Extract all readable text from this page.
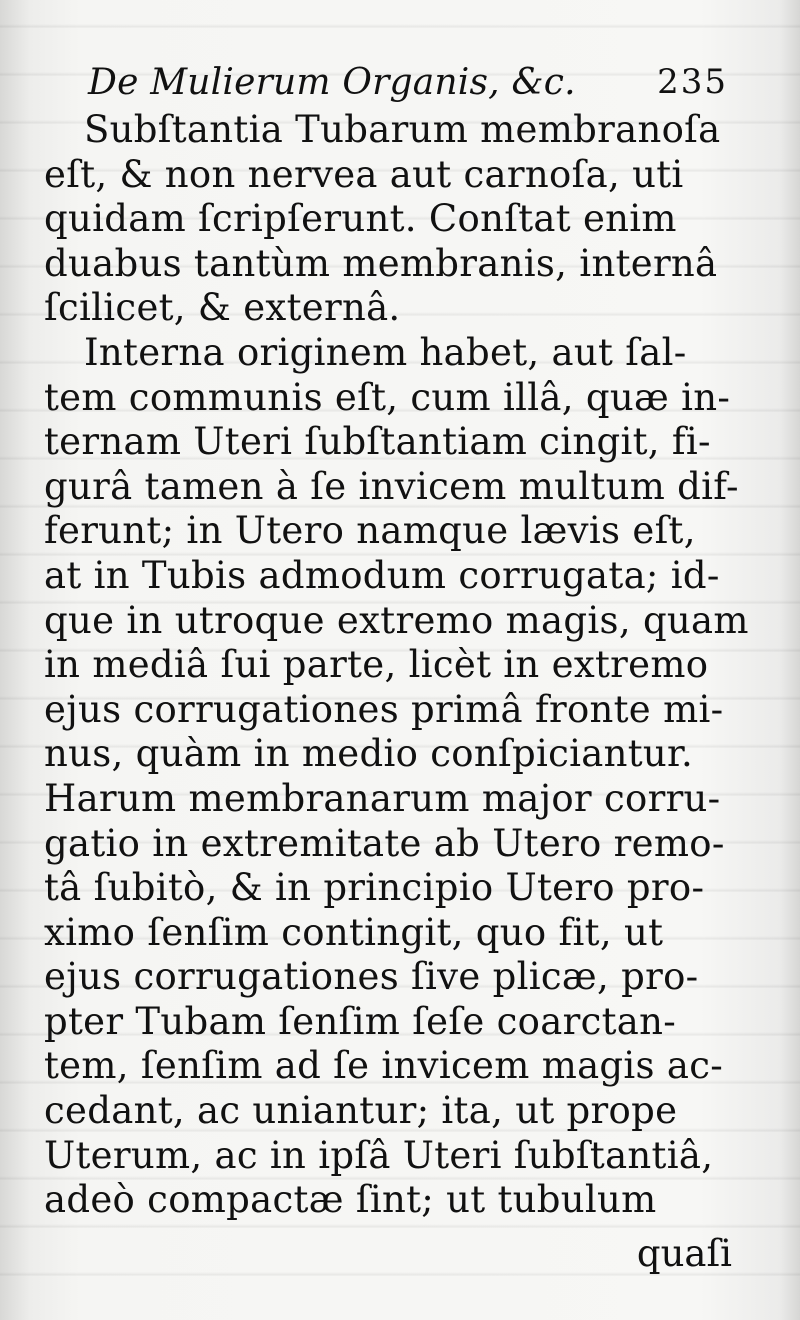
De Mulierum Organis, &c. 235
Subſtantia Tubarum membranoſa
eſt, & non nervea aut carnoſa, uti
quidam ſcripſerunt. Conſtat enim
duabus tantùm membranis, internâ
ſcilicet, & externâ.
Interna originem habet, aut ſal-
tem communis eſt, cum illâ, quæ in-
ternam Uteri ſubſtantiam cingit, fi-
gurâ tamen à ſe invicem multum dif-
ferunt; in Utero namque lævis eſt,
at in Tubis admodum corrugata; id-
que in utroque extremo magis, quam
in mediâ ſui parte, licèt in extremo
ejus corrugationes primâ fronte mi-
nus, quàm in medio conſpiciantur.
Harum membranarum major corru-
gatio in extremitate ab Utero remo-
tâ ſubitò, & in principio Utero pro-
ximo ſenſim contingit, quo fit, ut
ejus corrugationes ſive plicæ, pro-
pter Tubam ſenſim ſeſe coarctan-
tem, ſenſim ad ſe invicem magis ac-
cedant, ac uniantur; ita, ut prope
Uterum, ac in ipſâ Uteri ſubſtantiâ,
adeò compactæ ſint; ut tubulum
quaſi
